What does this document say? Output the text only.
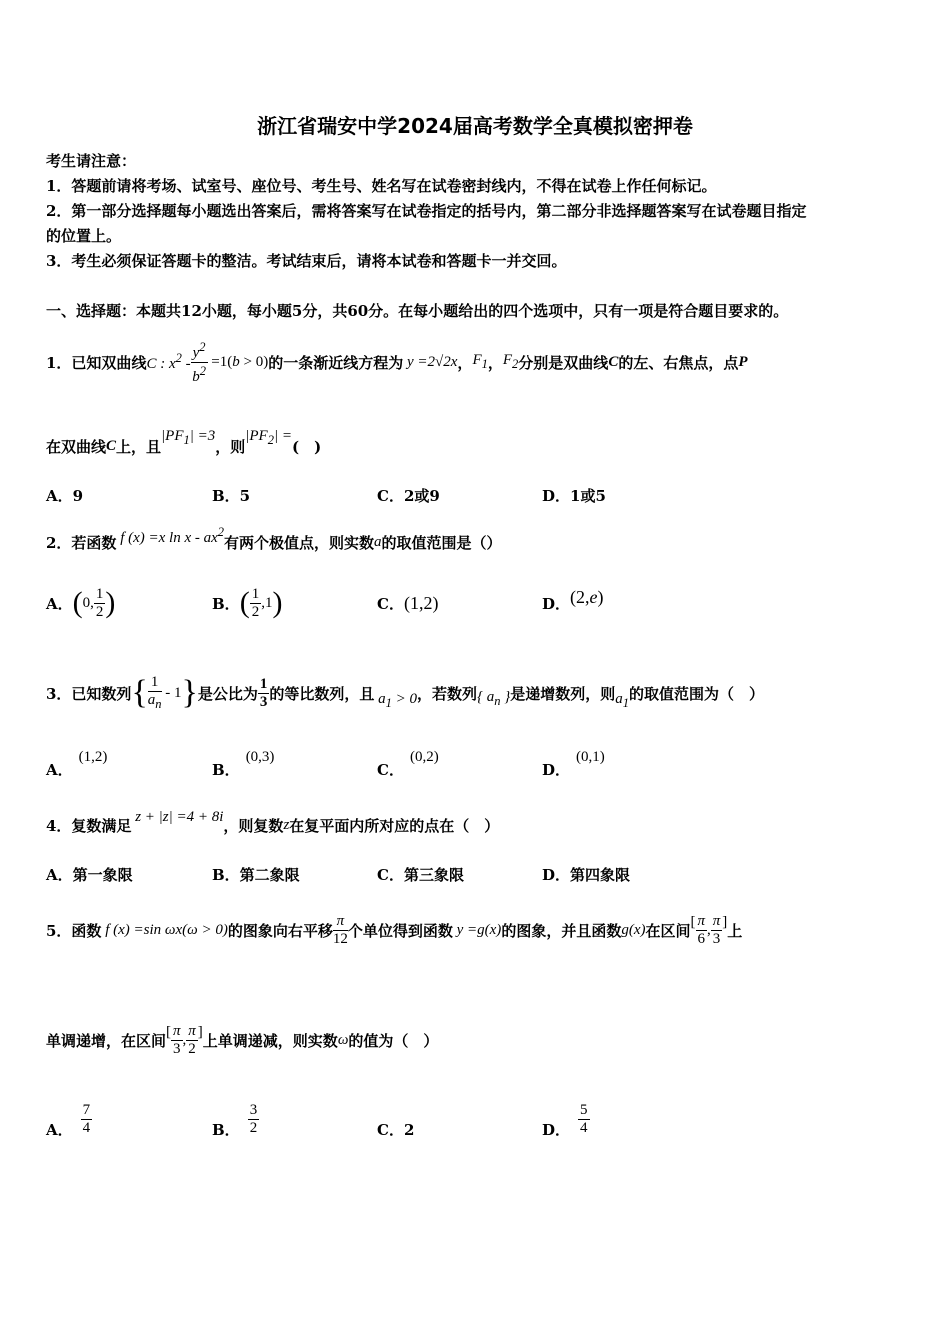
浙江省瑞安中学2024届高考数学全真模拟密押卷
考生请注意：
1．答题前请将考场、试室号、座位号、考生号、姓名写在试卷密封线内，不得在试卷上作任何标记。
2．第一部分选择题每小题选出答案后，需将答案写在试卷指定的括号内，第二部分非选择题答案写在试卷题目指定
的位置上。
3．考生必须保证答题卡的整洁。考试结束后，请将本试卷和答题卡一并交回。
一、选择题：本题共12小题，每小题5分，共60分。在每小题给出的四个选项中，只有一项是符合题目要求的。
1．已知双曲线 C : $x^2 - \frac{y^2}{b^2} =1(b > 0)$ 的一条渐近线方程为 y =2√2x ， $F_1$ ， $F_2$ 分别是双曲线 C 的左、右焦点，点 P
在双曲线 C 上，且
$|PF_1| =3$
，则
$|PF_2|$ =
(　)
A．9	B．5	C．2或9	D．1或5
2．若函数 f (x) =x ln x - $ax^2$
有两个极值点，则实数 a 的取值范围是（）
A． ( 0, $\frac{1}{2}$ )	B． ( $\frac{1}{2} ,1$ )	C． (1,2)	D． (2,e)
3．已知数列 { $\frac{1}{a_n} - 1$ } 是公比为 $\frac{1}{3}$ 的等比数列，且 $a_1 > 0$ ，若数列 { $a_n$ } 是递增数列，则 $a_1$
的取值范围为（　）
A．(1,2)
B．(0,3)
C．(0,2)
D．(0,1)
4．复数满足 z + |z| =4 + 8i ，则复数 z 在复平面内所对应的点在（　）
A．第一象限	B．第二象限	C．第三象限	D．第四象限
5．函数 f (x) =sin ωx(ω > 0) 的图象向右平移 $\frac{\pi}{12}$ 个单位得到函数 y =g(x) 的图象，并且函数 g(x) 在区间 [ $\frac{\pi}{6}$ , $\frac{\pi}{3}$ ] 上
单调递增，在区间 [ $\frac{\pi}{3}$ , $\frac{\pi}{2}$ ] 上单调递减，则实数 ω 的值为（　）
A． $\frac{7}{4}$	B． $\frac{3}{2}$	C．2	D． $\frac{5}{4}$
